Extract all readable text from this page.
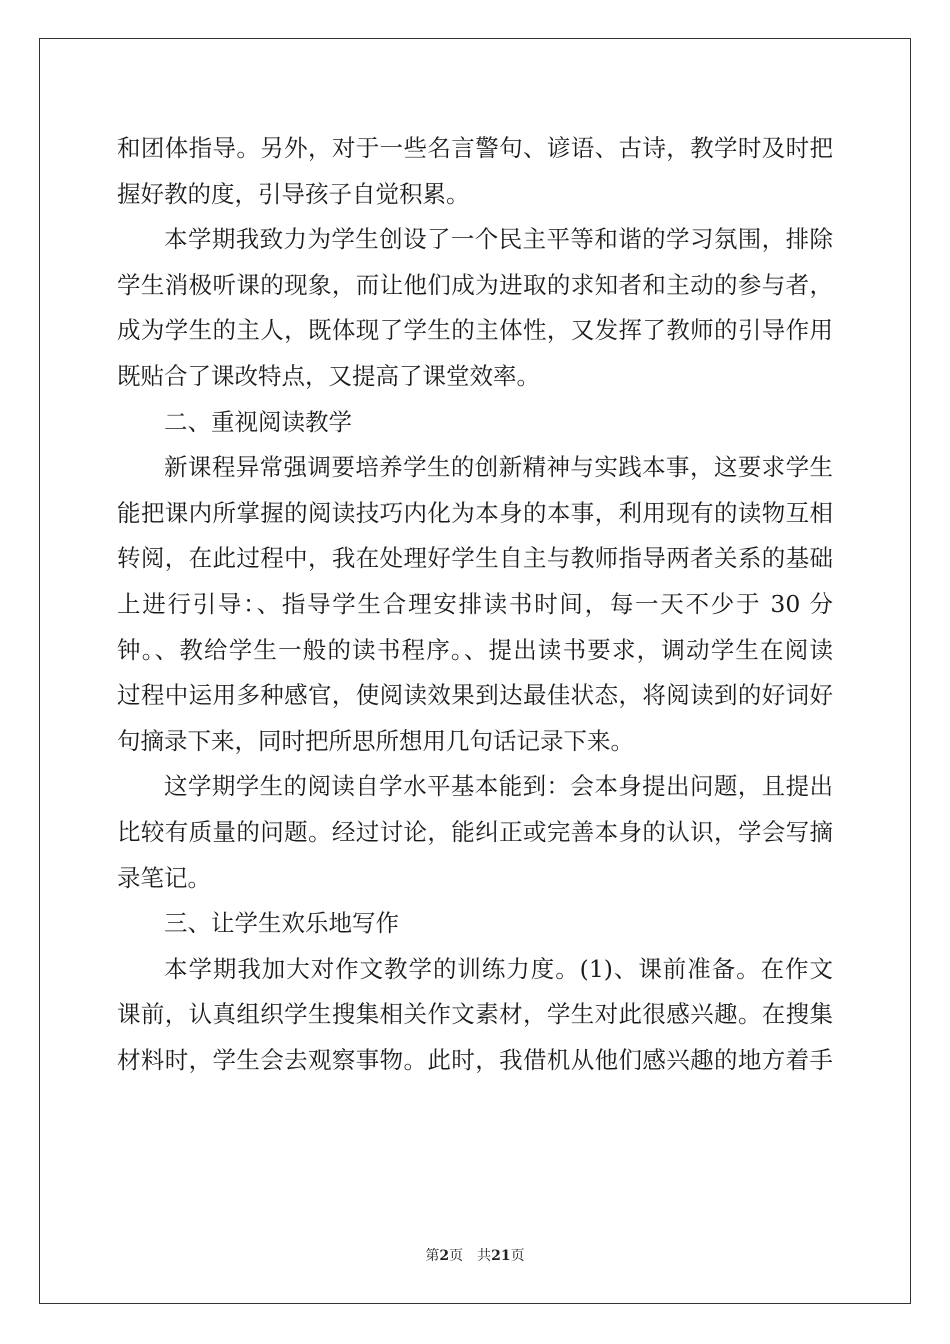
和团体指导。另外，对于一些名言警句、谚语、古诗，教学时及时把
握好教的度，引导孩子自觉积累。
本学期我致力为学生创设了一个民主平等和谐的学习氛围，排除
学生消极听课的现象，而让他们成为进取的求知者和主动的参与者，
成为学生的主人，既体现了学生的主体性，又发挥了教师的引导作用
既贴合了课改特点，又提高了课堂效率。
二、重视阅读教学
新课程异常强调要培养学生的创新精神与实践本事，这要求学生
能把课内所掌握的阅读技巧内化为本身的本事，利用现有的读物互相
转阅，在此过程中，我在处理好学生自主与教师指导两者关系的基础
上进行引导：、指导学生合理安排读书时间，每一天不少于 30 分
钟。、教给学生一般的读书程序。、提出读书要求，调动学生在阅读
过程中运用多种感官，使阅读效果到达最佳状态，将阅读到的好词好
句摘录下来，同时把所思所想用几句话记录下来。
这学期学生的阅读自学水平基本能到：会本身提出问题，且提出
比较有质量的问题。经过讨论，能纠正或完善本身的认识，学会写摘
录笔记。
三、让学生欢乐地写作
本学期我加大对作文教学的训练力度。(1)、课前准备。在作文
课前，认真组织学生搜集相关作文素材，学生对此很感兴趣。在搜集
材料时，学生会去观察事物。此时，我借机从他们感兴趣的地方着手
第2页 共21页
